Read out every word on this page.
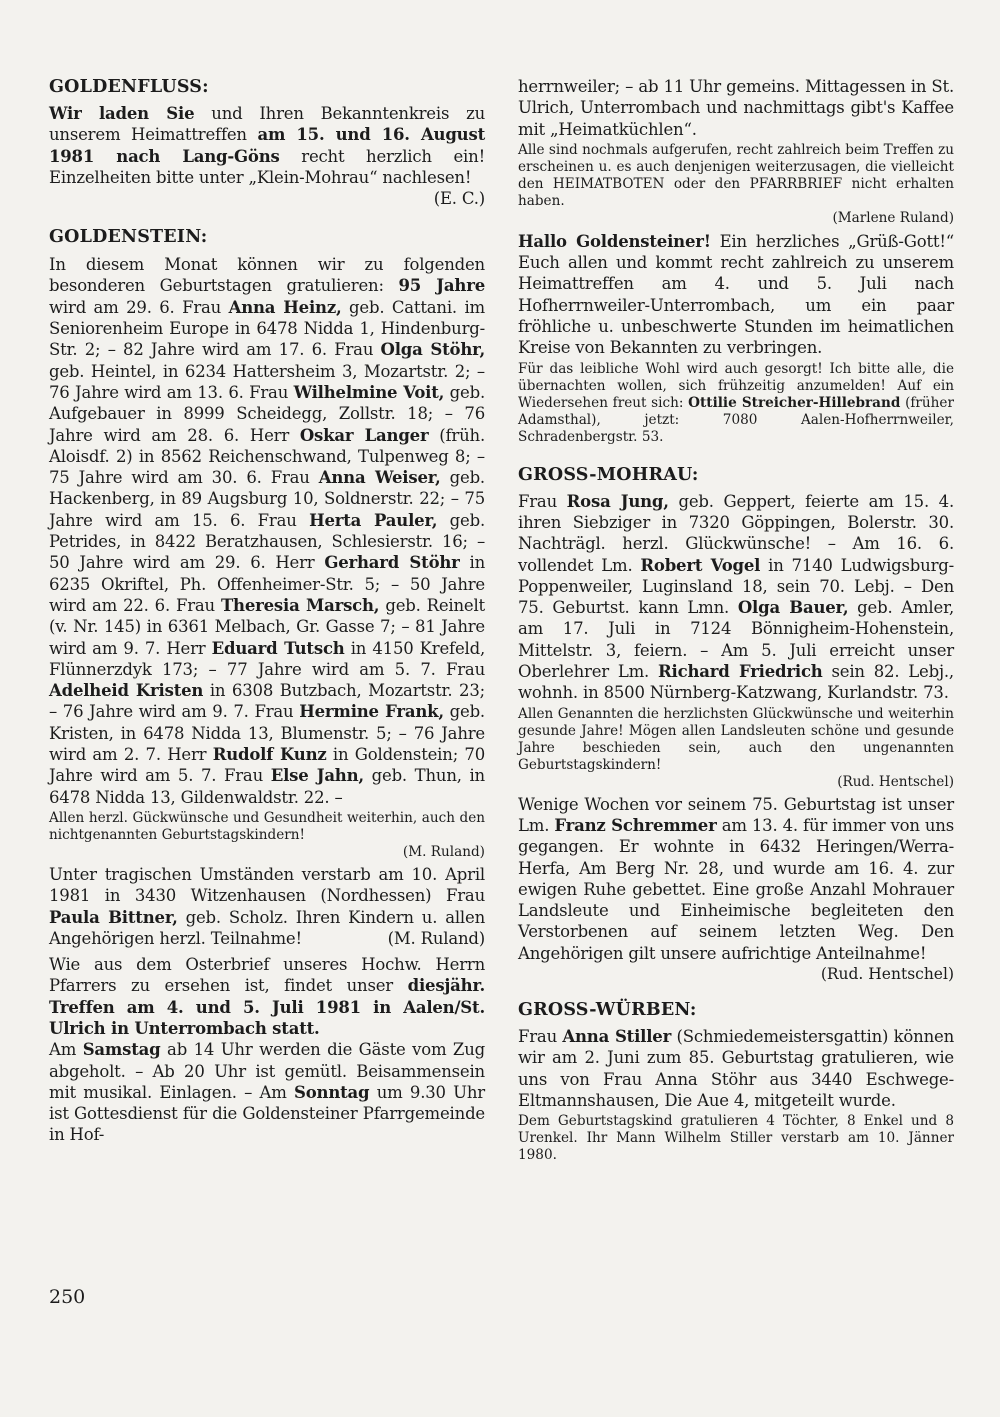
GOLDENFLUSS:

Wir laden Sie und Ihren Bekanntenkreis zu unserem Heimattreffen am 15. und 16. August 1981 nach Lang-Göns recht herzlich ein! Einzelheiten bitte unter „Klein-Mohrau“ nachlesen!
(E. C.)

GOLDENSTEIN:

In diesem Monat können wir zu folgenden besonderen Geburtstagen gratulieren: 95 Jahre wird am 29. 6. Frau Anna Heinz, geb. Cattani. im Seniorenheim Europe in 6478 Nidda 1, Hindenburg-Str. 2; – 82 Jahre wird am 17. 6. Frau Olga Stöhr, geb. Heintel, in 6234 Hattersheim 3, Mozartstr. 2; – 76 Jahre wird am 13. 6. Frau Wilhelmine Voit, geb. Aufgebauer in 8999 Scheidegg, Zollstr. 18; – 76 Jahre wird am 28. 6. Herr Oskar Langer (früh. Aloisdf. 2) in 8562 Reichenschwand, Tulpenweg 8; – 75 Jahre wird am 30. 6. Frau Anna Weiser, geb. Hackenberg, in 89 Augsburg 10, Soldnerstr. 22; – 75 Jahre wird am 15. 6. Frau Herta Pauler, geb. Petrides, in 8422 Beratzhausen, Schlesierstr. 16; – 50 Jahre wird am 29. 6. Herr Gerhard Stöhr in 6235 Okriftel, Ph. Offenheimer-Str. 5; – 50 Jahre wird am 22. 6. Frau Theresia Marsch, geb. Reinelt (v. Nr. 145) in 6361 Melbach, Gr. Gasse 7; – 81 Jahre wird am 9. 7. Herr Eduard Tutsch in 4150 Krefeld, Flünnerzdyk 173; – 77 Jahre wird am 5. 7. Frau Adelheid Kristen in 6308 Butzbach, Mozartstr. 23; – 76 Jahre wird am 9. 7. Frau Hermine Frank, geb. Kristen, in 6478 Nidda 13, Blumenstr. 5; – 76 Jahre wird am 2. 7. Herr Rudolf Kunz in Goldenstein; 70 Jahre wird am 5. 7. Frau Else Jahn, geb. Thun, in 6478 Nidda 13, Gildenwaldstr. 22. –

Allen herzl. Gückwünsche und Gesundheit weiterhin, auch den nichtgenannten Geburtstagskindern!

(M. Ruland)

Unter tragischen Umständen verstarb am 10. April 1981 in 3430 Witzenhausen (Nordhessen) Frau Paula Bittner, geb. Scholz. Ihren Kindern u. allen Angehörigen herzl. Teilnahme!	(M. Ruland)

Wie aus dem Osterbrief unseres Hochw. Herrn Pfarrers zu ersehen ist, findet unser diesjähr. Treffen am 4. und 5. Juli 1981 in Aalen/St. Ulrich in Unterrombach statt.

Am Samstag ab 14 Uhr werden die Gäste vom Zug abgeholt. – Ab 20 Uhr ist gemütl. Beisammensein mit musikal. Einlagen. – Am Sonntag um 9.30 Uhr ist Gottesdienst für die Goldensteiner Pfarrgemeinde in Hof-

herrnweiler; – ab 11 Uhr gemeins. Mittagessen in St. Ulrich, Unterrombach und nachmittags gibt's Kaffee mit „Heimatküchlen“.

Alle sind nochmals aufgerufen, recht zahlreich beim Treffen zu erscheinen u. es auch denjenigen weiterzusagen, die vielleicht den HEIMATBOTEN oder den PFARRBRIEF nicht erhalten haben.

(Marlene Ruland)

Hallo Goldensteiner! Ein herzliches „Grüß-Gott!“ Euch allen und kommt recht zahlreich zu unserem Heimattreffen am 4. und 5. Juli nach Hofherrnweiler-Unterrombach, um ein paar fröhliche u. unbeschwerte Stunden im heimatlichen Kreise von Bekannten zu verbringen.

Für das leibliche Wohl wird auch gesorgt! Ich bitte alle, die übernachten wollen, sich frühzeitig anzumelden! Auf ein Wiedersehen freut sich: Ottilie Streicher-Hillebrand (früher Adamsthal), jetzt: 7080 Aalen-Hofherrnweiler, Schradenbergstr. 53.

GROSS-MOHRAU:

Frau Rosa Jung, geb. Geppert, feierte am 15. 4. ihren Siebziger in 7320 Göppingen, Bolerstr. 30. Nachträgl. herzl. Glückwünsche! – Am 16. 6. vollendet Lm. Robert Vogel in 7140 Ludwigsburg-Poppenweiler, Luginsland 18, sein 70. Lebj. – Den 75. Geburtst. kann Lmn. Olga Bauer, geb. Amler, am 17. Juli in 7124 Bönnigheim-Hohenstein, Mittelstr. 3, feiern. – Am 5. Juli erreicht unser Oberlehrer Lm. Richard Friedrich sein 82. Lebj., wohnh. in 8500 Nürnberg-Katzwang, Kurlandstr. 73.

Allen Genannten die herzlichsten Glückwünsche und weiterhin gesunde Jahre! Mögen allen Landsleuten schöne und gesunde Jahre beschieden sein, auch den ungenannten Geburtstagskindern!

(Rud. Hentschel)

Wenige Wochen vor seinem 75. Geburtstag ist unser Lm. Franz Schremmer am 13. 4. für immer von uns gegangen. Er wohnte in 6432 Heringen/Werra-Herfa, Am Berg Nr. 28, und wurde am 16. 4. zur ewigen Ruhe gebettet. Eine große Anzahl Mohrauer Landsleute und Einheimische begleiteten den Verstorbenen auf seinem letzten Weg. Den Angehörigen gilt unsere aufrichtige Anteilnahme!

(Rud. Hentschel)

GROSS-WÜRBEN:

Frau Anna Stiller (Schmiedemeistersgattin) können wir am 2. Juni zum 85. Geburtstag gratulieren, wie uns von Frau Anna Stöhr aus 3440 Eschwege-Eltmannshausen, Die Aue 4, mitgeteilt wurde.

Dem Geburtstagskind gratulieren 4 Töchter, 8 Enkel und 8 Urenkel. Ihr Mann Wilhelm Stiller verstarb am 10. Jänner 1980.

250
